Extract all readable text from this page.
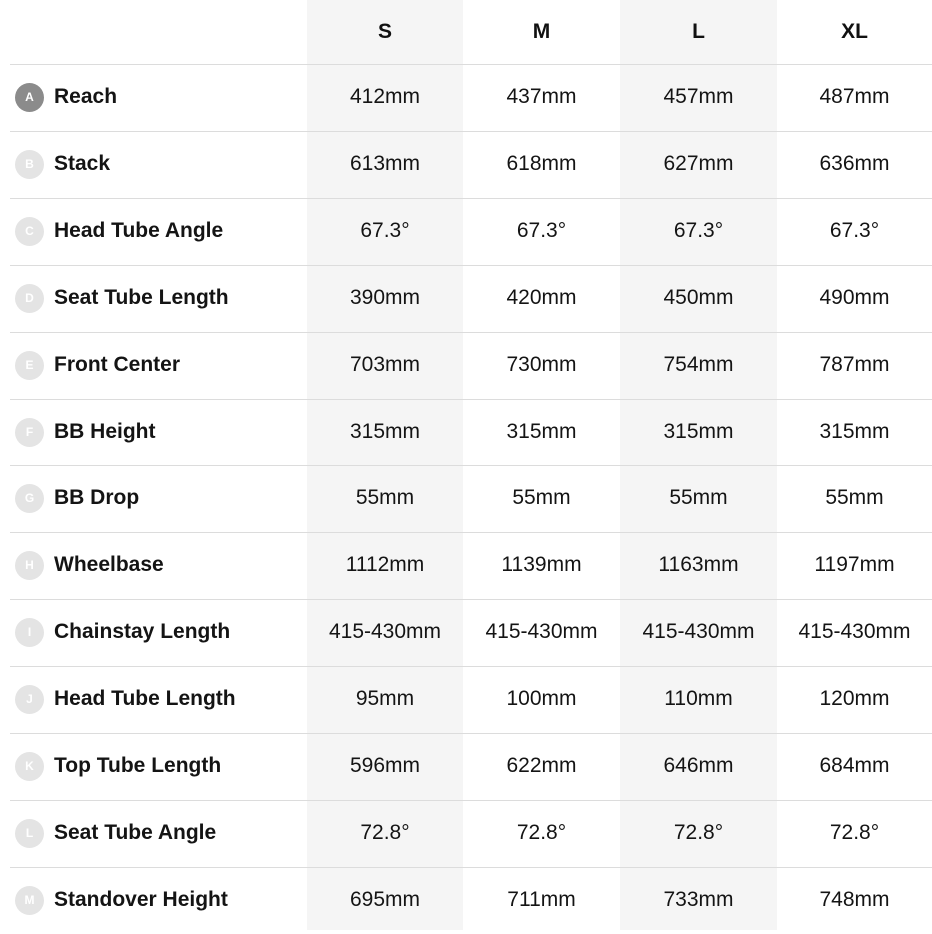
S	M	L	XL
A Reach	412mm	437mm	457mm	487mm
B Stack	613mm	618mm	627mm	636mm
C Head Tube Angle	67.3°	67.3°	67.3°	67.3°
D Seat Tube Length	390mm	420mm	450mm	490mm
E Front Center	703mm	730mm	754mm	787mm
F BB Height	315mm	315mm	315mm	315mm
G BB Drop	55mm	55mm	55mm	55mm
H Wheelbase	1112mm	1139mm	1163mm	1197mm
I	Chainstay Length	415-430mm	415-430mm	415-430mm	415-430mm
J	Head Tube Length	95mm	100mm	110mm	120mm
K Top Tube Length	596mm	622mm	646mm	684mm
L Seat Tube Angle	72.8°	72.8°	72.8°	72.8°
M Standover Height	695mm	711mm	733mm	748mm
